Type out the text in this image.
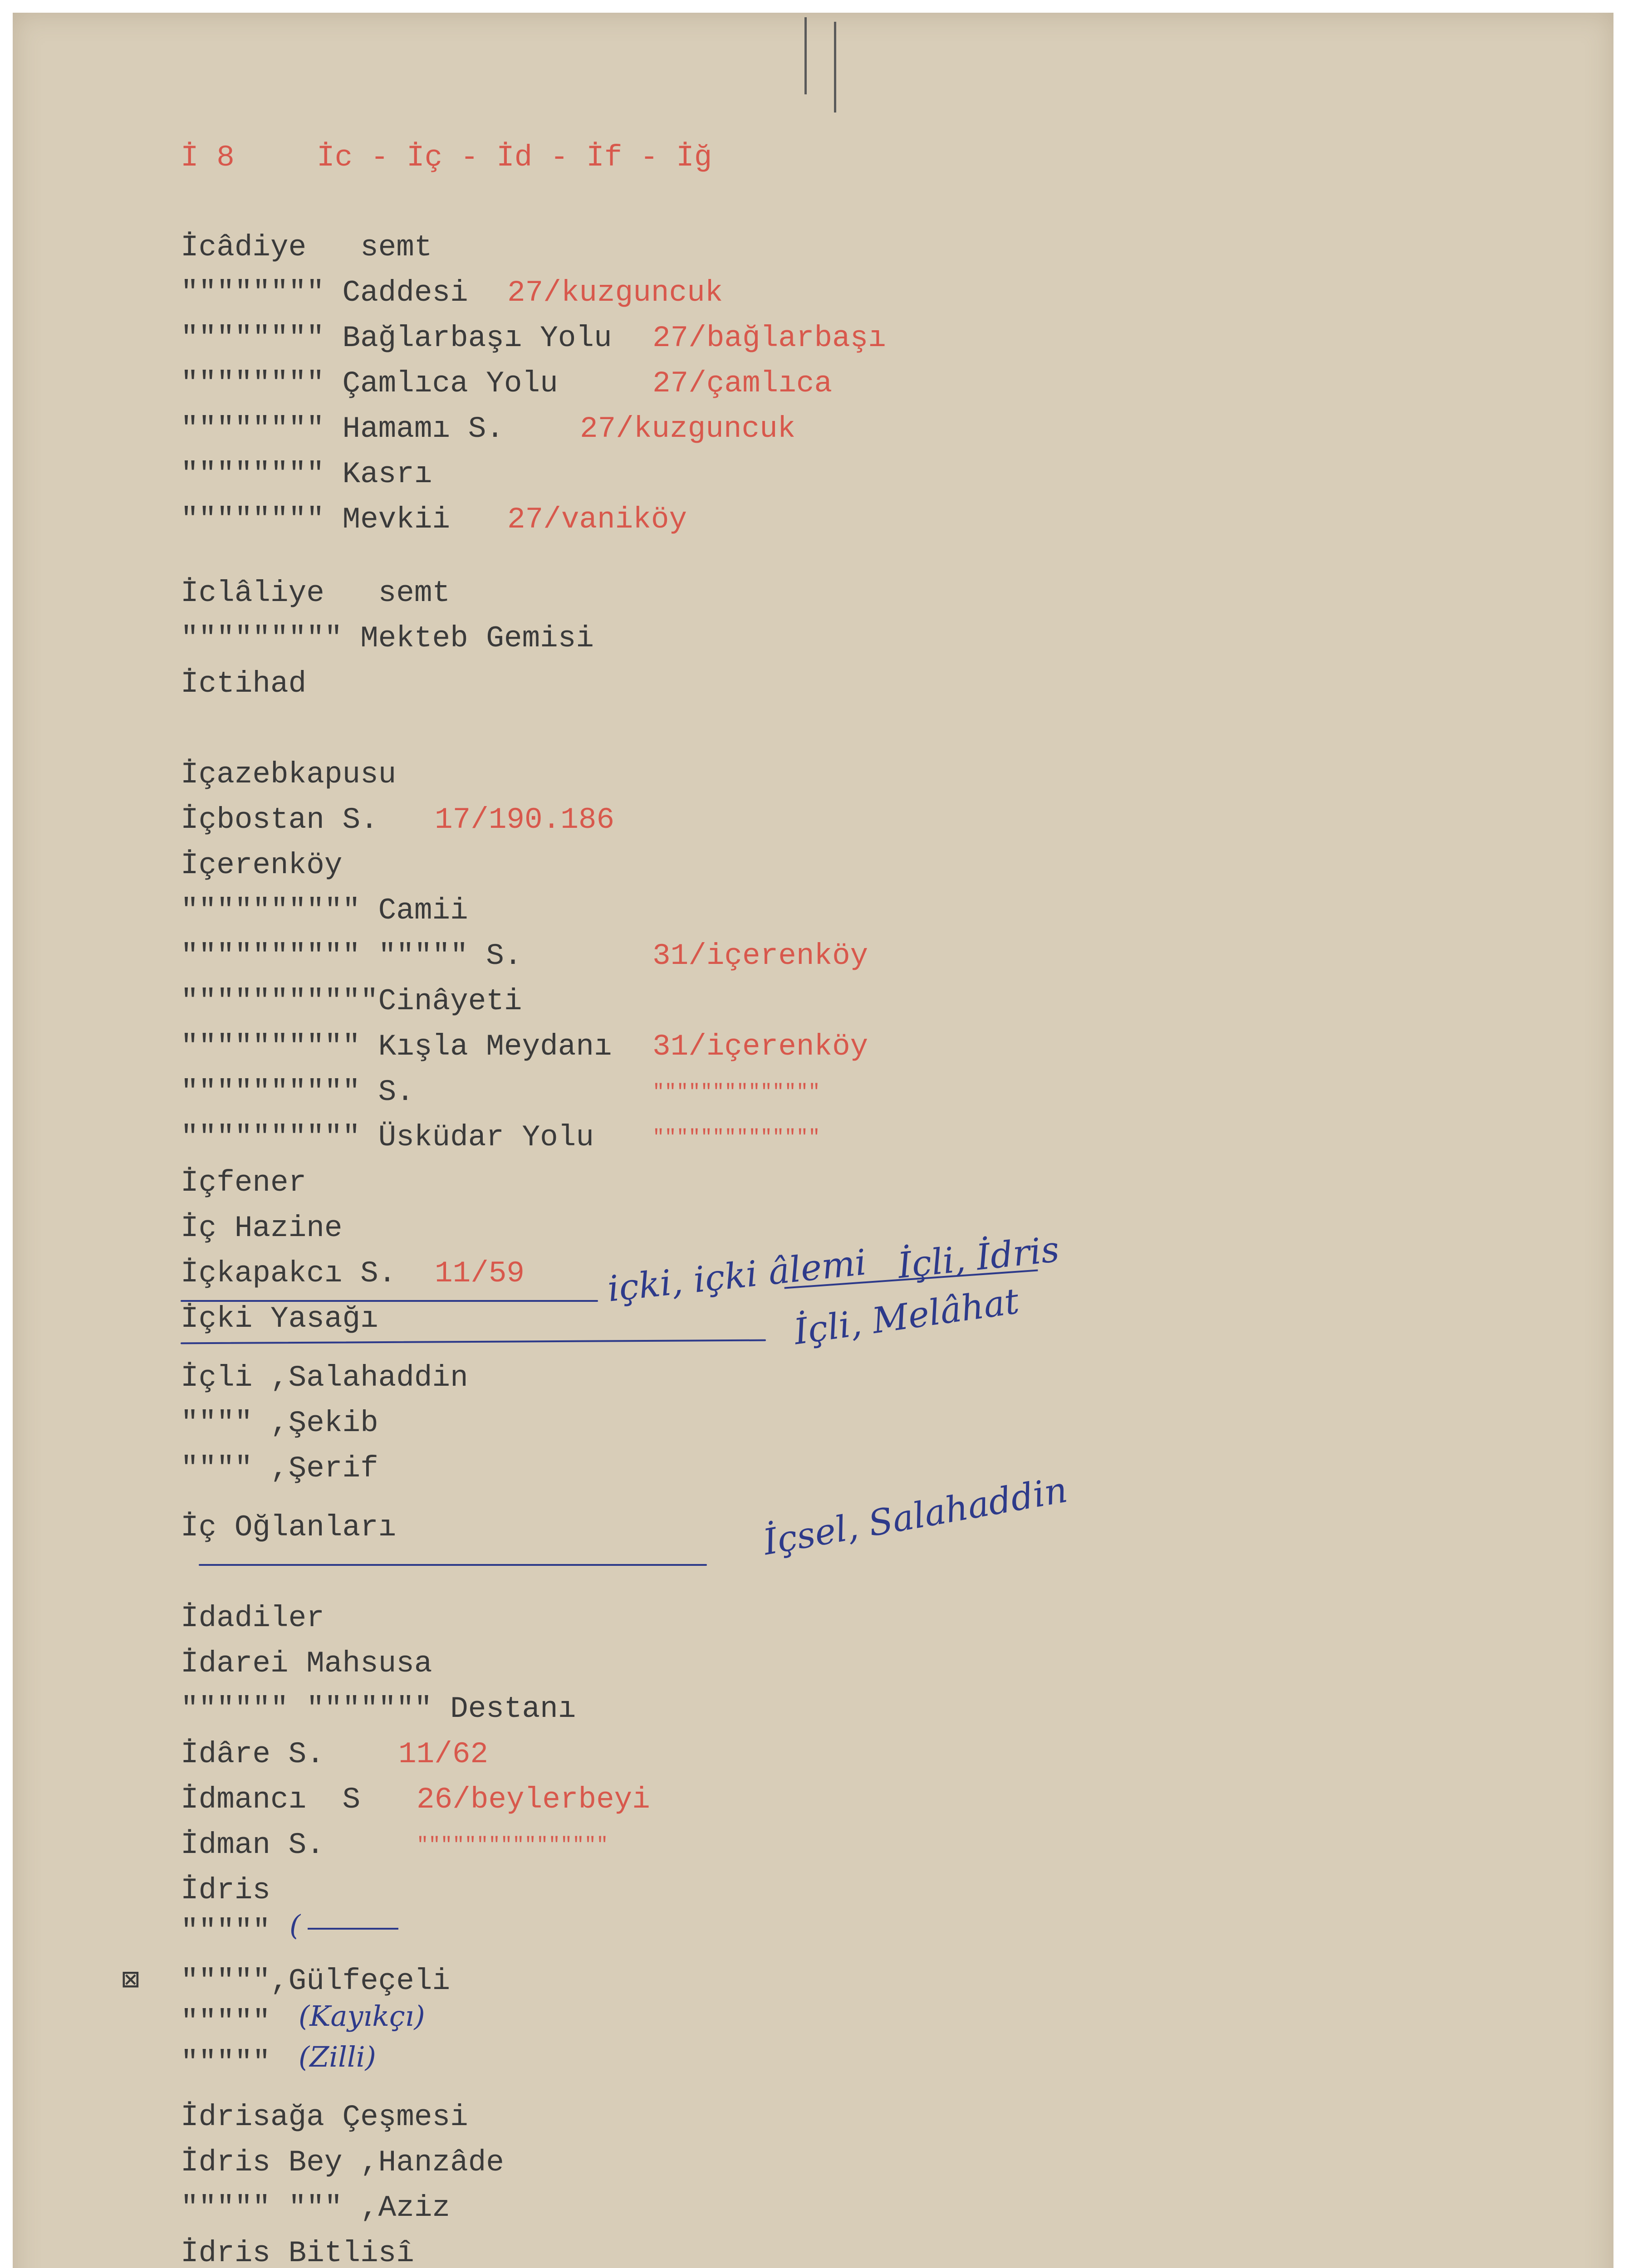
İ 8

	İc - İç - İd - İf - İğ

İcâdiye   semt
"""""""" Caddesi 27/kuzguncuk
"""""""" Bağlarbaşı Yolu 27/bağlarbaşı
"""""""" Çamlıca Yolu	27/çamlıca
"""""""" Hamamı S.	27/kuzguncuk
"""""""" Kasrı
"""""""" Mevkii 27/vaniköy
İclâliye   semt
""""""""" Mekteb Gemisi
İctihad
İçazebkapusu
İçbostan S. 17/190.186
İçerenköy
"""""""""" Camii
"""""""""" """"" S.	31/içerenköy
"""""""""""Cinâyeti
"""""""""" Kışla Meydanı 31/içerenköy
"""""""""" S.	""""""""""""""
"""""""""" Üsküdar Yolu	""""""""""""""
İçfener
İç Hazine
İçkapakcı S. 11/59
İçki Yasağı
İçli ,Salahaddin
"""" ,Şekib
"""" ,Şerif
İç Oğlanları
İdadiler
İdarei Mahsusa
"""""" """"""" Destanı
İdâre S. 11/62
İdmancı  S 26/beylerbeyi
İdman S.	""""""""""""""""
İdris
"""""

⊠

""""",Gülfeçeli

"""""
"""""
İdrisağa Çeşmesi
İdris Bey ,Hanzâde
""""" """ ,Aziz
İdris Bitlisî
içki, içki âlemi İçli, İdris
İçli, Melâhat
İçsel, Salahaddin
(Kayıkçı)
(Zilli)
(
